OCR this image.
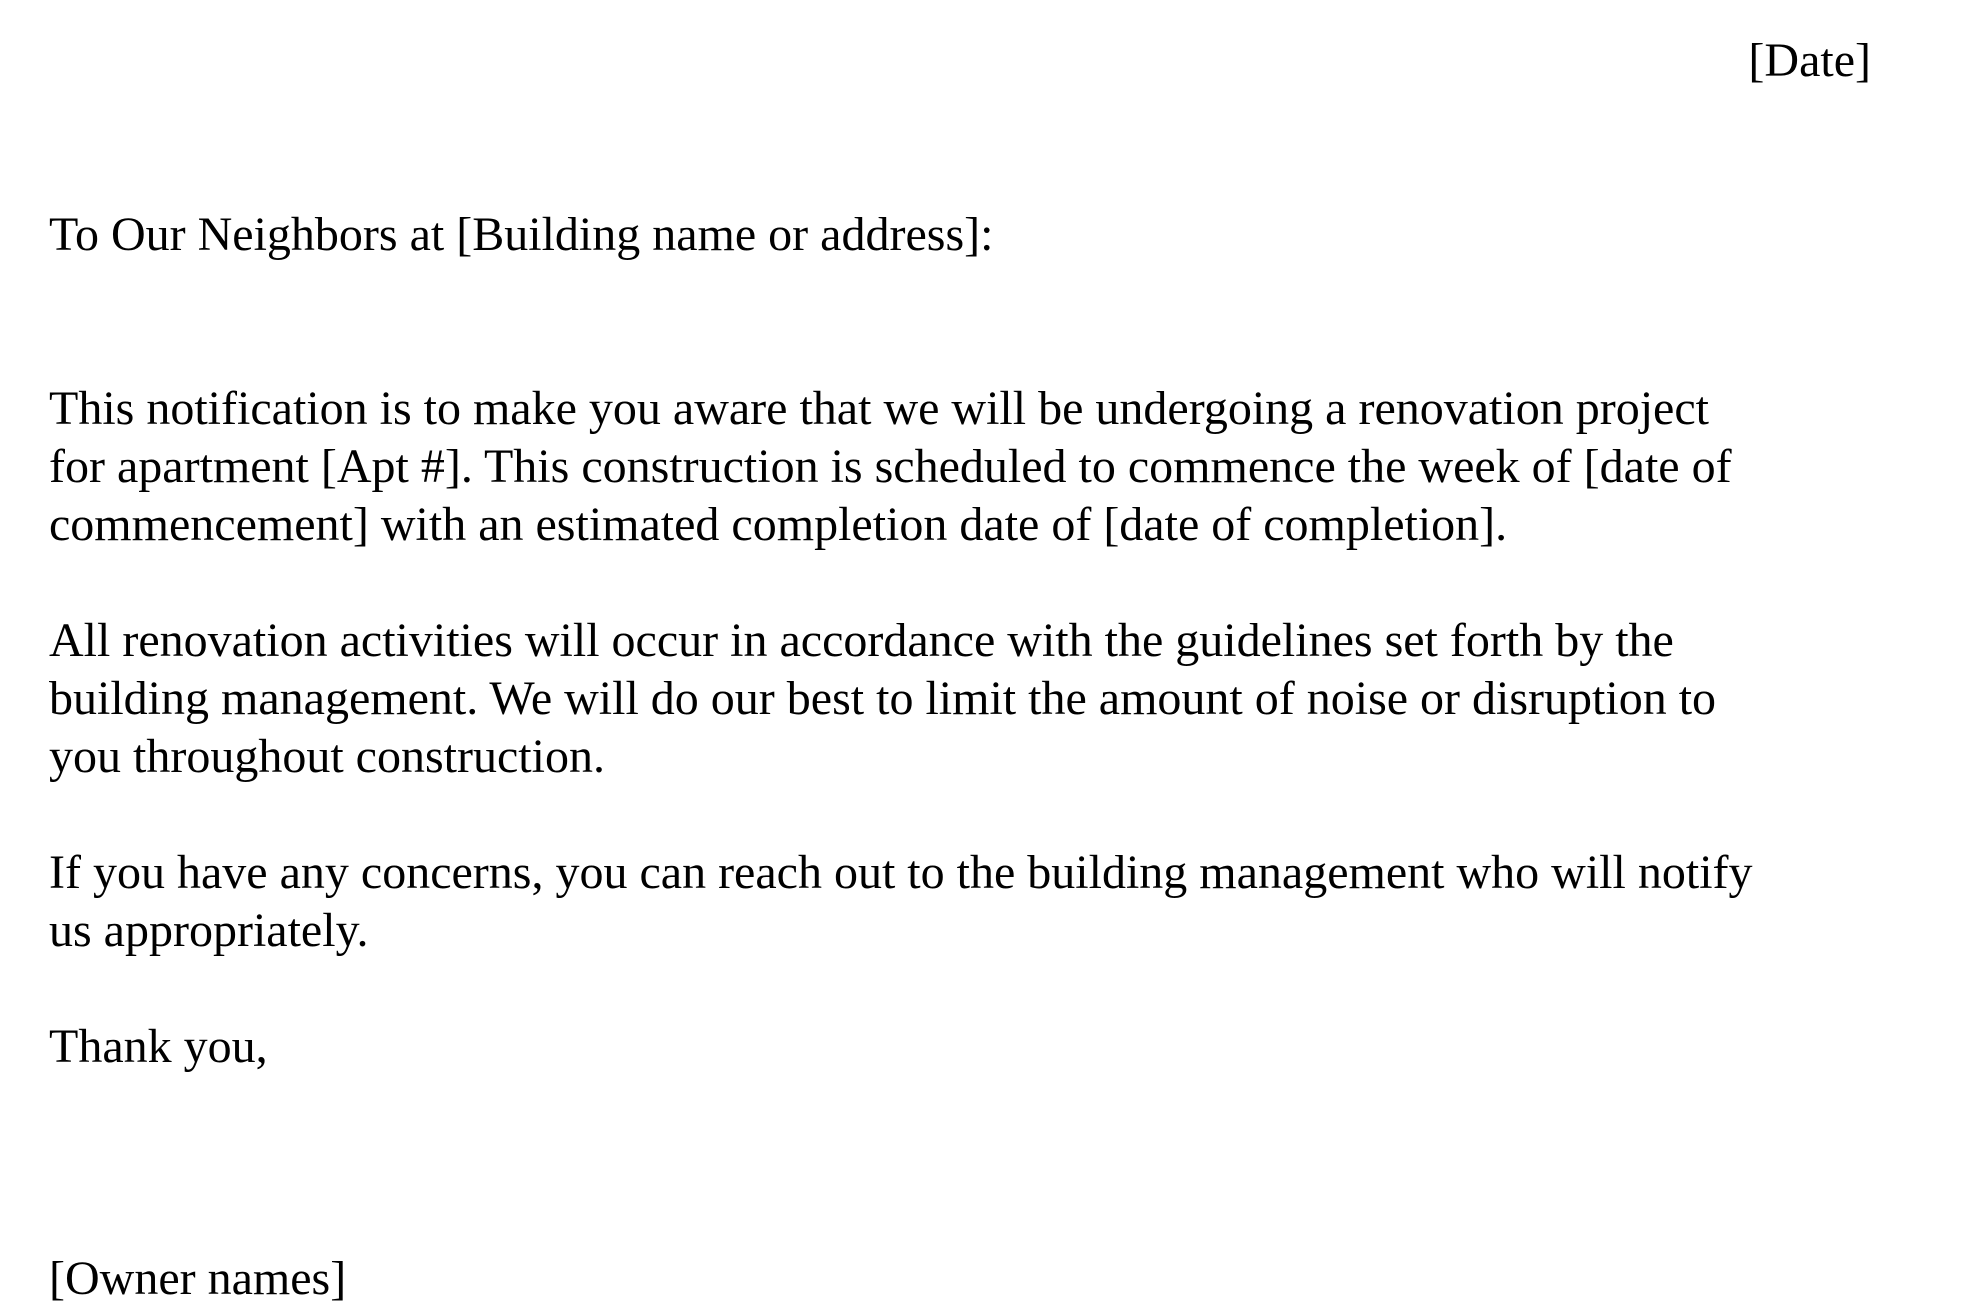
[Date]
To Our Neighbors at [Building name or address]:
This notification is to make you aware that we will be undergoing a renovation project
for apartment [Apt #]. This construction is scheduled to commence the week of [date of
commencement] with an estimated completion date of [date of completion].
All renovation activities will occur in accordance with the guidelines set forth by the
building management. We will do our best to limit the amount of noise or disruption to
you throughout construction.
If you have any concerns, you can reach out to the building management who will notify
us appropriately.
Thank you,
[Owner names]
